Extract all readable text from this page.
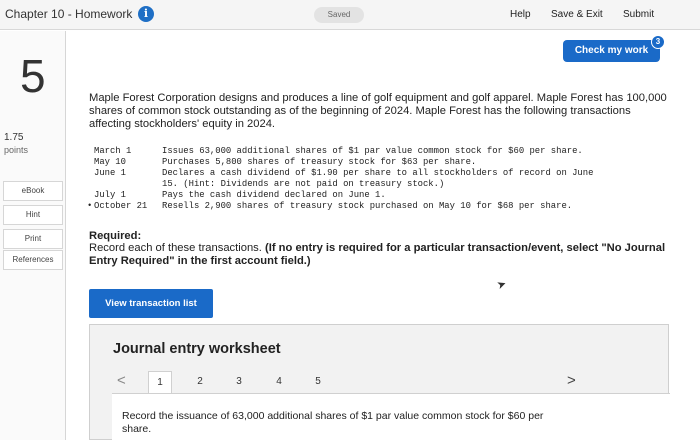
Chapter 10 - Homework	i	Saved	Help Save & Exit Submit
5
1.75
points
eBook
Hint
Print
References
Check my work
3

Maple Forest Corporation designs and produces a line of golf equipment and golf apparel. Maple Forest has 100,000 shares of common stock outstanding as of the beginning of 2024. Maple Forest has the following transactions affecting stockholders' equity in 2024.

March 1	Issues 63,000 additional shares of $1 par value common stock for $60 per share.
May 10	Purchases 5,800 shares of treasury stock for $63 per share.
June 1	Declares a cash dividend of $1.90 per share to all stockholders of record on June
15. (Hint: Dividends are not paid on treasury stock.)
July 1	Pays the cash dividend declared on June 1.
• October 21	Resells 2,900 shares of treasury stock purchased on May 10 for $68 per share.
Required:

Record each of these transactions. (If no entry is required for a particular transaction/event, select "No Journal Entry Required" in the first account field.)

➤
View transaction list
Journal entry worksheet
<	1	2	3	4	5	>

Record the issuance of 63,000 additional shares of $1 par value common stock for $60 per share.
